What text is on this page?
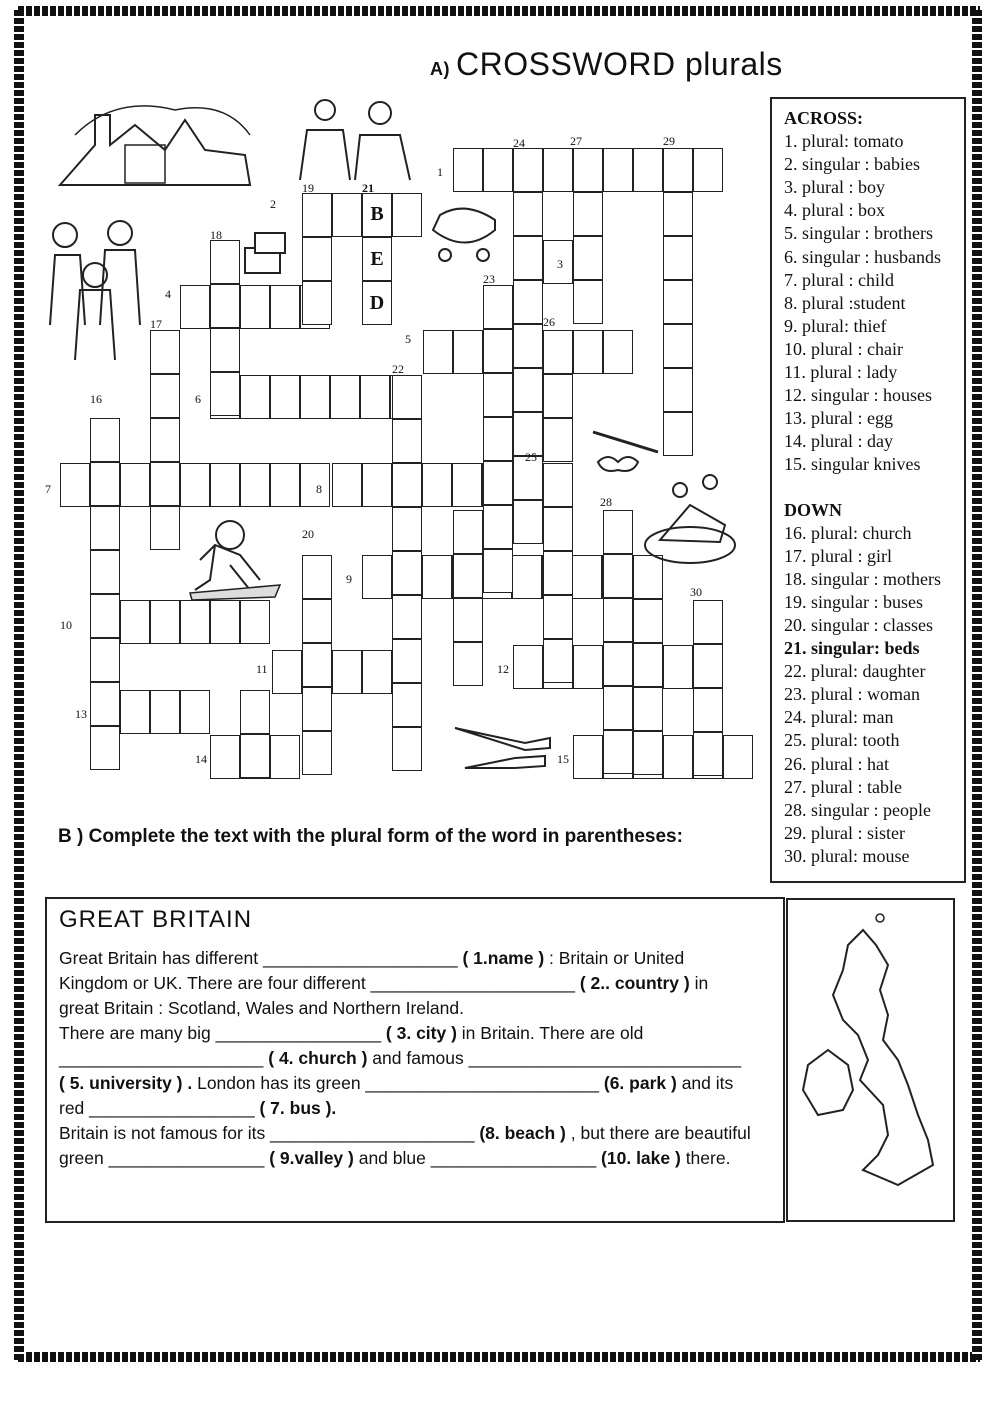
A) CROSSWORD plurals
1
2
3
4
5
6
7	8
9
10
11	12
13
14	15
16
17
18
19
20
21
22
23
24
25
26
27
28
29
30
B
E
D
ACROSS:
1. plural: tomato
2. singular : babies
3. plural : boy
4. plural : box
5. singular : brothers
6. singular : husbands
7. plural : child
8. plural :student
9. plural: thief
10. plural : chair
11. plural : lady
12. singular : houses
13. plural : egg
14. plural : day
15. singular knives
DOWN
16. plural: church
17. plural : girl
18. singular : mothers
19. singular : buses
20. singular : classes
21. singular: beds
22. plural: daughter
23. plural : woman
24. plural: man
25. plural: tooth
26. plural : hat
27. plural : table
28. singular : people
29. plural : sister
30. plural: mouse
B ) Complete the text with the plural form of the word in parentheses:
GREAT BRITAIN
Great Britain has different ____________________ ( 1.name ) : Britain or United
Kingdom or UK. There are four different _____________________ ( 2.. country ) in
great Britain : Scotland, Wales and Northern Ireland.
There are many big _________________ ( 3. city ) in Britain. There are old
_____________________ ( 4. church ) and famous ____________________________
( 5. university ) . London has its green ________________________ (6. park ) and its
red _________________ ( 7. bus ).
Britain is not famous for its _____________________ (8. beach ) , but there are beautiful
green ________________ ( 9.valley ) and blue _________________ (10. lake ) there.
